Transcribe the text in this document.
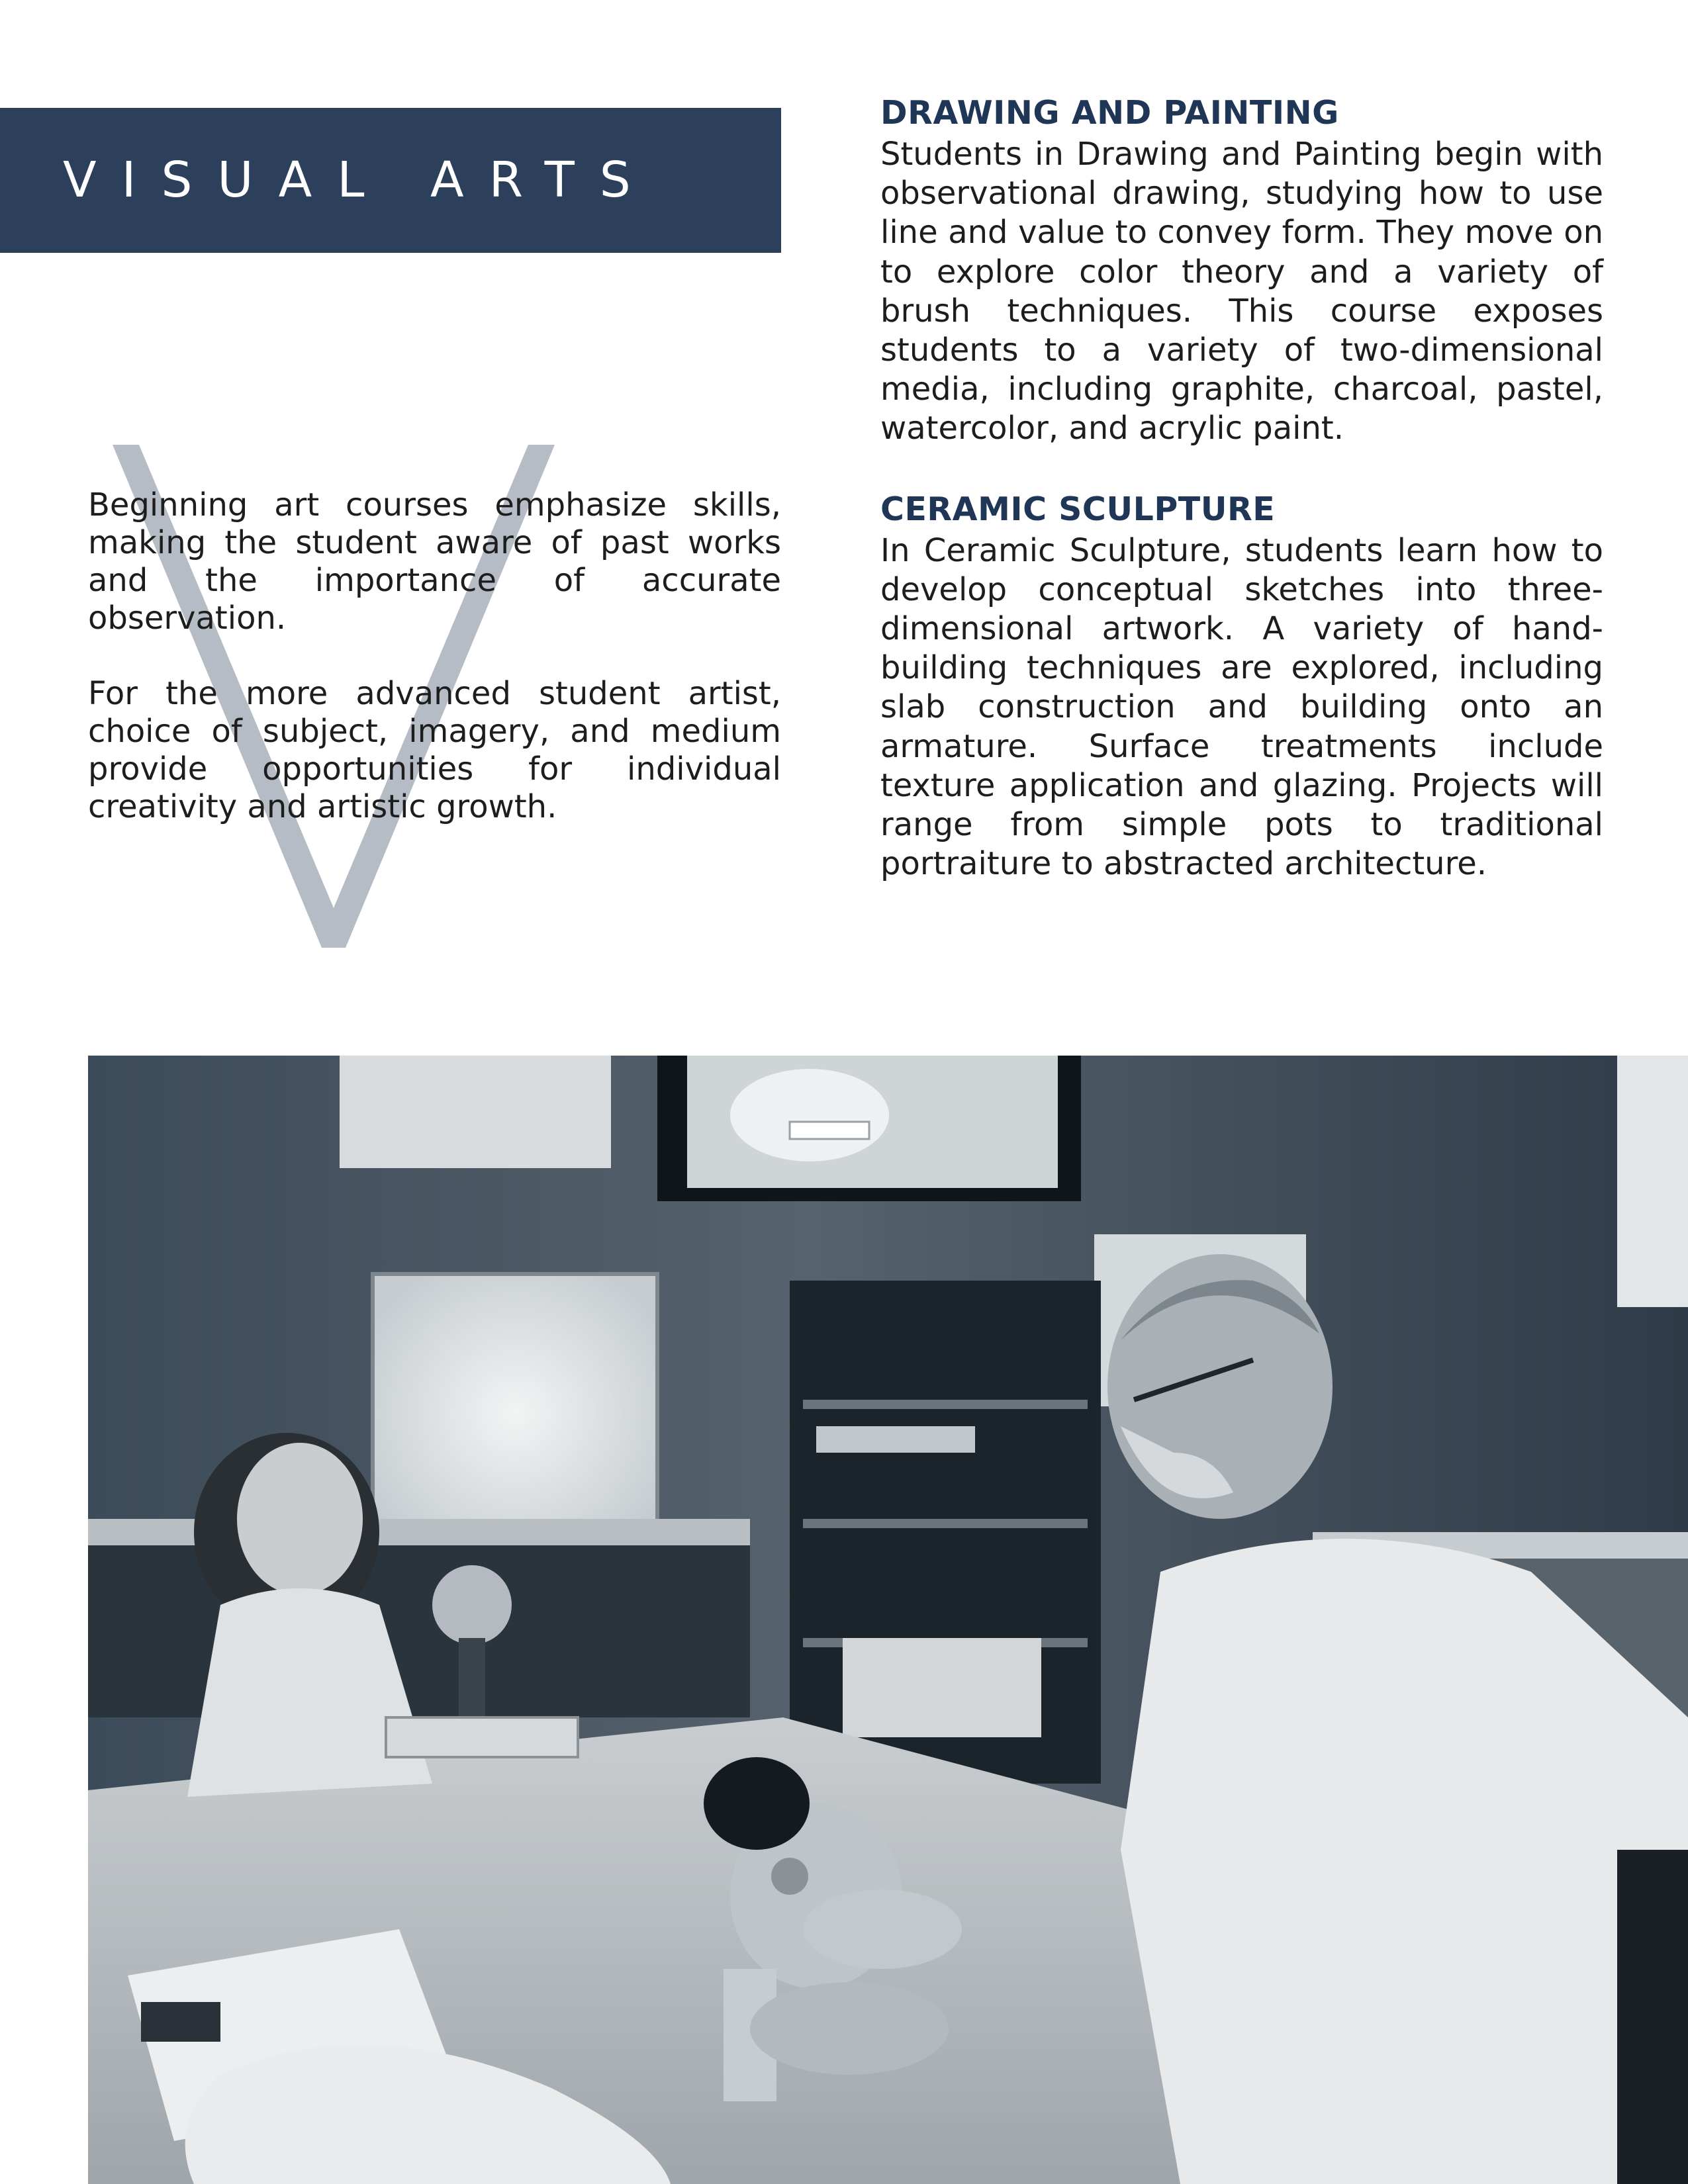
VISUAL ARTS

Beginning art courses emphasize skills, making the student aware of past works and the importance of accurate observation.

For the more advanced student artist, choice of subject, imagery, and medium provide opportunities for individual creativity and artistic growth.

DRAWING AND PAINTING

Students in Drawing and Painting begin with observational drawing, studying how to use line and value to convey form. They move on to explore color theory and a variety of brush techniques. This course exposes students to a variety of two-dimensional media, including graphite, charcoal, pastel, watercolor, and acrylic paint.

CERAMIC SCULPTURE

In Ceramic Sculpture, students learn how to develop conceptual sketches into three-dimensional artwork. A variety of hand-building techniques are explored, including slab construction and building onto an armature. Surface treatments include texture application and glazing. Projects will range from simple pots to traditional portraiture to abstracted architecture.
